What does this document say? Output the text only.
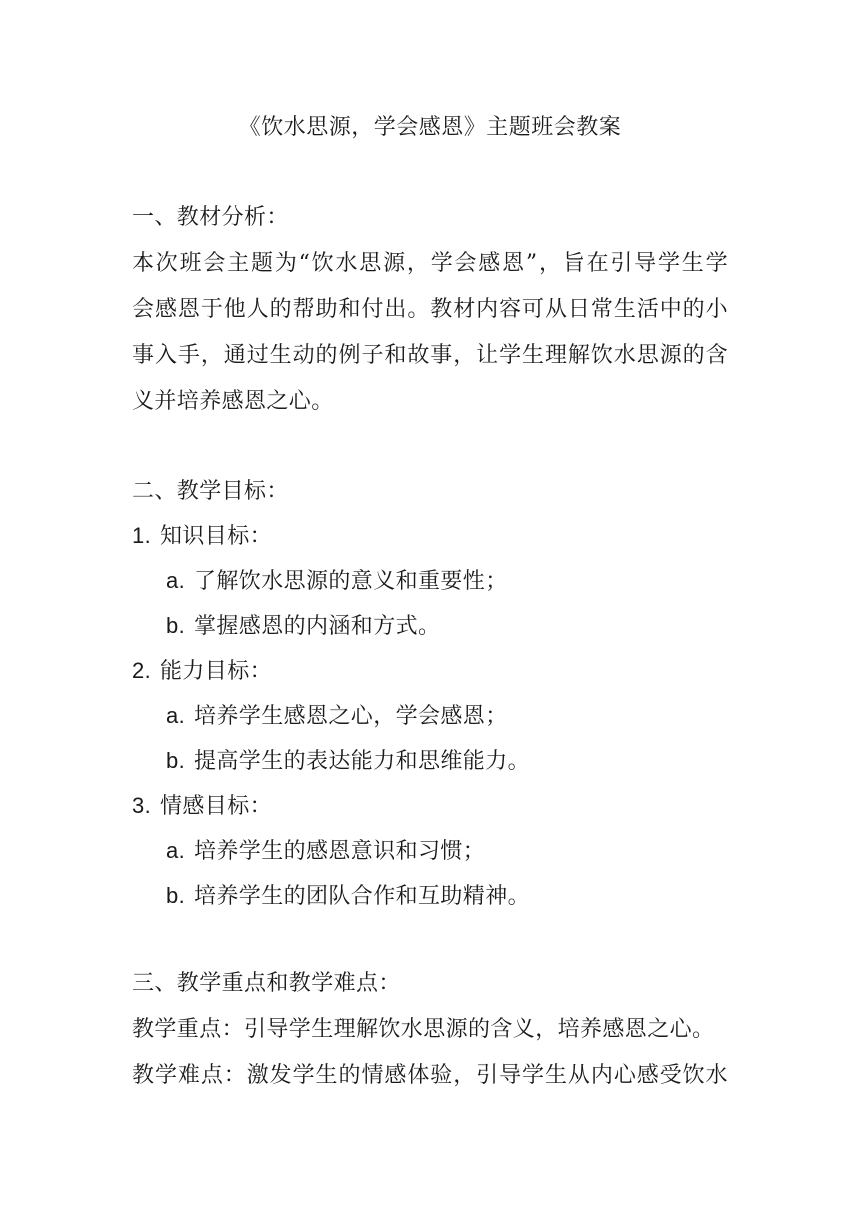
《饮水思源，学会感恩》主题班会教案
一、教材分析：
本次班会主题为“饮水思源，学会感恩”，旨在引导学生学
会感恩于他人的帮助和付出。教材内容可从日常生活中的小
事入手，通过生动的例子和故事，让学生理解饮水思源的含
义并培养感恩之心。
二、教学目标：
1. 知识目标：
a. 了解饮水思源的意义和重要性；
b. 掌握感恩的内涵和方式。
2. 能力目标：
a. 培养学生感恩之心，学会感恩；
b. 提高学生的表达能力和思维能力。
3. 情感目标：
a. 培养学生的感恩意识和习惯；
b. 培养学生的团队合作和互助精神。
三、教学重点和教学难点：
教学重点：引导学生理解饮水思源的含义，培养感恩之心。
教学难点：激发学生的情感体验，引导学生从内心感受饮水
